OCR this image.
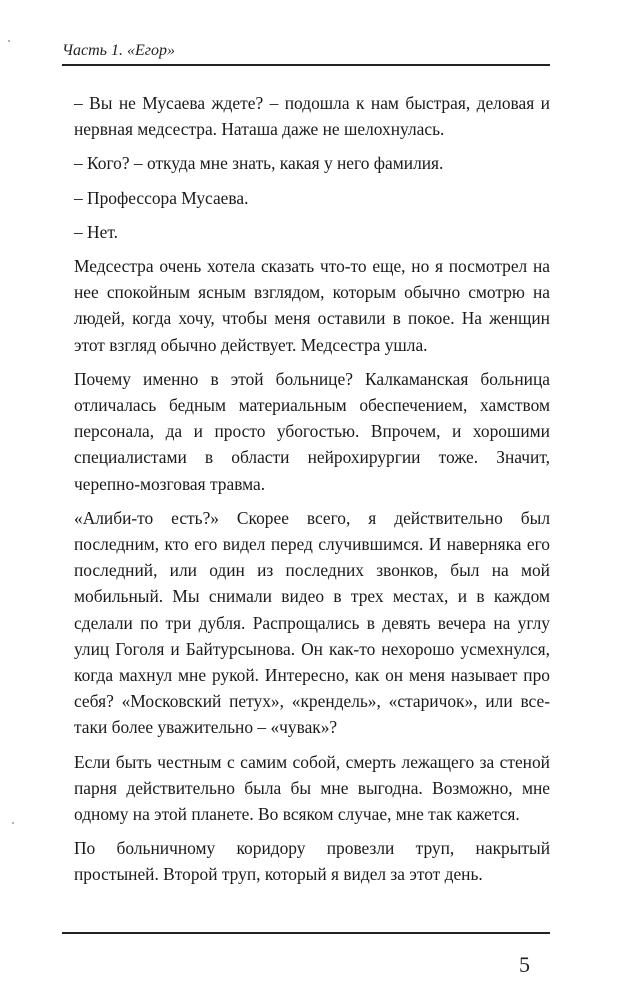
Часть 1. «Егор»

– Вы не Мусаева ждете? – подошла к нам быстрая, деловая и нервная медсестра. Наташа даже не шелохнулась.

– Кого? – откуда мне знать, какая у него фамилия.

– Профессора Мусаева.

– Нет.

Медсестра очень хотела сказать что-то еще, но я посмотрел на нее спокойным ясным взглядом, которым обычно смотрю на людей, когда хочу, чтобы меня оставили в покое. На женщин этот взгляд обычно действует. Медсестра ушла.

Почему именно в этой больнице? Калкаманская больница отличалась бедным материальным обеспечением, хамством персонала, да и просто убогостью. Впрочем, и хорошими специалистами в области нейрохирургии тоже. Значит, черепно-мозговая травма.

«Алиби-то есть?» Скорее всего, я действительно был последним, кто его видел перед случившимся. И наверняка его последний, или один из последних звонков, был на мой мобильный. Мы снимали видео в трех местах, и в каждом сделали по три дубля. Распрощались в девять вечера на углу улиц Гоголя и Байтурсынова. Он как-то нехорошо усмехнулся, когда махнул мне рукой. Интересно, как он меня называет про себя? «Московский петух», «крендель», «старичок», или все-таки более уважительно – «чувак»?

Если быть честным с самим собой, смерть лежащего за стеной парня действительно была бы мне выгодна. Возможно, мне одному на этой планете. Во всяком случае, мне так кажется.

По больничному коридору провезли труп, накрытый простыней. Второй труп, который я видел за этот день.

5
